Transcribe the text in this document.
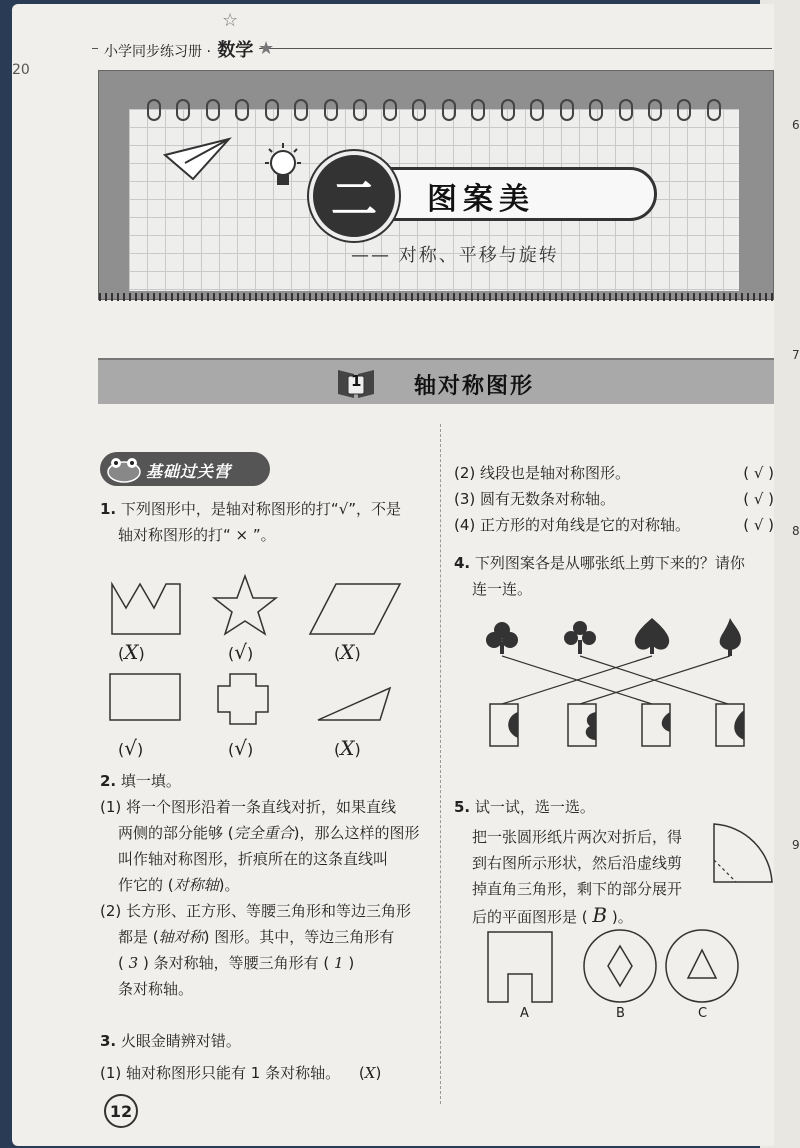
20
小学同步练习册 · 数学
☆
★
二	图案美
—— 对称、平移与旋转
1 轴对称图形
基础过关营
1. 下列图形中，是轴对称图形的打“√”，不是
轴对称图形的打“ × ”。
(X)	(√)	(X)
(√)	(√)	(X)
2. 填一填。
(1) 将一个图形沿着一条直线对折，如果直线
两侧的部分能够 (完全重合)，那么这样的图形
叫作轴对称图形，折痕所在的这条直线叫
作它的 (对称轴)。
(2) 长方形、正方形、等腰三角形和等边三角形
都是 (轴对称) 图形。其中，等边三角形有
( 3 ) 条对称轴，等腰三角形有 ( 1 )
条对称轴。
3. 火眼金睛辨对错。
(1) 轴对称图形只能有 1 条对称轴。 (X)
(2) 线段也是轴对称图形。	( √ )
(3) 圆有无数条对称轴。	( √ )
(4) 正方形的对角线是它的对称轴。	( √ )
4. 下列图案各是从哪张纸上剪下来的？请你
连一连。
5. 试一试，选一选。
把一张圆形纸片两次对折后，得
到右图所示形状，然后沿虚线剪
掉直角三角形，剩下的部分展开
后的平面图形是 ( B )。
A	B	C
12
6
7
8
9
